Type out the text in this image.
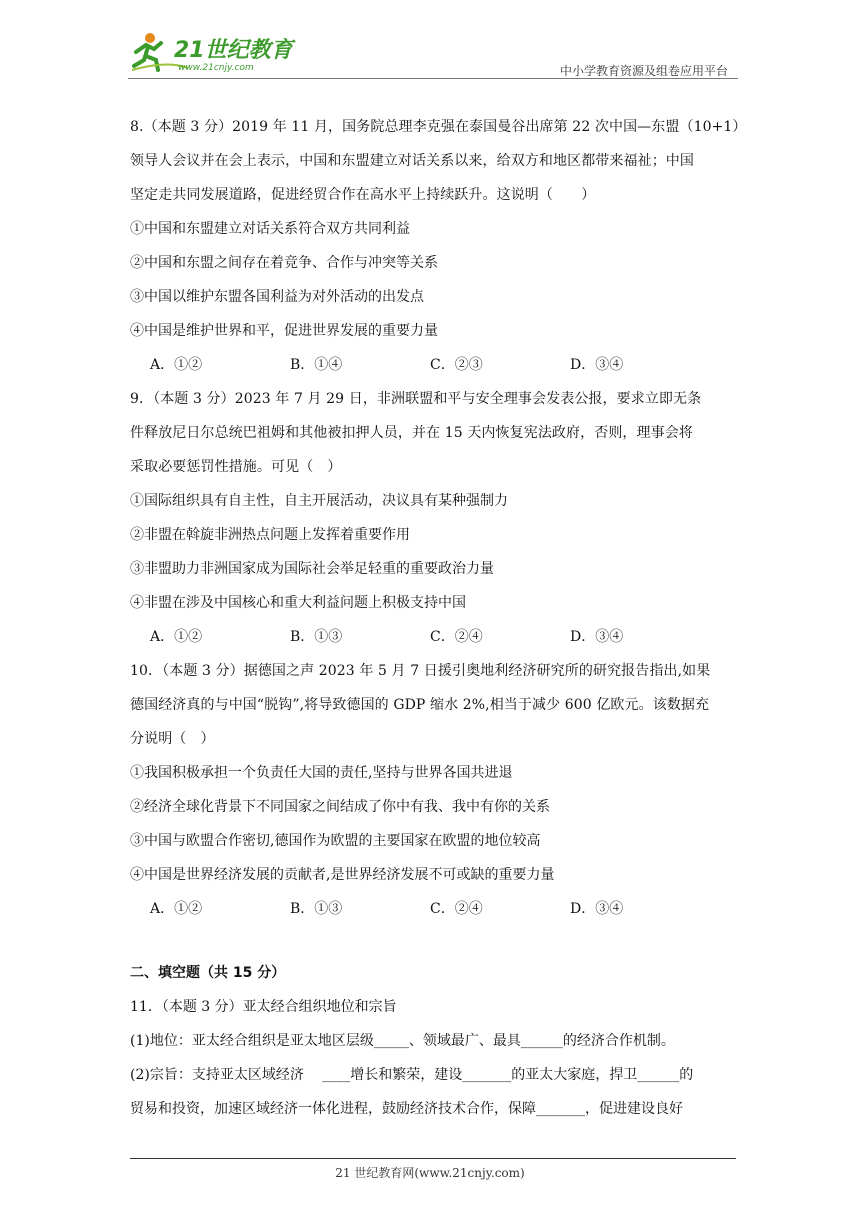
21世纪教育
www.21cnjy.com	中小学教育资源及组卷应用平台
8.（本题 3 分）2019 年 11 月，国务院总理李克强在泰国曼谷出席第 22 次中国—东盟（10+1）
领导人会议并在会上表示，中国和东盟建立对话关系以来，给双方和地区都带来福祉；中国
坚定走共同发展道路，促进经贸合作在高水平上持续跃升。这说明（　　）
①中国和东盟建立对话关系符合双方共同利益
②中国和东盟之间存在着竞争、合作与冲突等关系
③中国以维护东盟各国利益为对外活动的出发点
④中国是维护世界和平，促进世界发展的重要力量
A．①②	B．①④	C．②③	D．③④
9．（本题 3 分）2023 年 7 月 29 日，非洲联盟和平与安全理事会发表公报，要求立即无条
件释放尼日尔总统巴祖姆和其他被扣押人员，并在 15 天内恢复宪法政府，否则，理事会将
采取必要惩罚性措施。可见（　）
①国际组织具有自主性，自主开展活动，决议具有某种强制力
②非盟在斡旋非洲热点问题上发挥着重要作用
③非盟助力非洲国家成为国际社会举足轻重的重要政治力量
④非盟在涉及中国核心和重大利益问题上积极支持中国
A．①②	B．①③	C．②④	D．③④
10．（本题 3 分）据德国之声 2023 年 5 月 7 日援引奥地利经济研究所的研究报告指出,如果
德国经济真的与中国“脱钩”,将导致德国的 GDP 缩水 2%,相当于减少 600 亿欧元。该数据充
分说明（　）
①我国积极承担一个负责任大国的责任,坚持与世界各国共进退
②经济全球化背景下不同国家之间结成了你中有我、我中有你的关系
③中国与欧盟合作密切,德国作为欧盟的主要国家在欧盟的地位较高
④中国是世界经济发展的贡献者,是世界经济发展不可或缺的重要力量
A．①②	B．①③	C．②④	D．③④
二、填空题（共 15 分）
11．（本题 3 分）亚太经合组织地位和宗旨
(1)地位：亚太经合组织是亚太地区层级_____、领域最广、最具______的经济合作机制。
(2)宗旨：支持亚太区域经济　 ____增长和繁荣，建设_______的亚太大家庭，捍卫______的
贸易和投资，加速区域经济一体化进程，鼓励经济技术合作，保障_______，促进建设良好
21 世纪教育网(www.21cnjy.com)
